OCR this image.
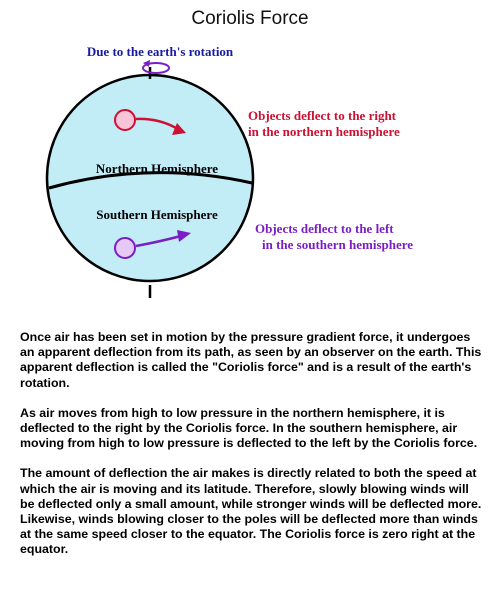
Coriolis Force
Due to the earth's rotation
Objects deflect to the right
in the northern hemisphere
Objects deflect to the left
in the southern hemisphere
Northern Hemisphere
Southern Hemisphere

Once air has been set in motion by the pressure gradient force, it undergoes an apparent deflection from its path, as seen by an observer on the earth. This apparent deflection is called the "Coriolis force" and is a result of the earth's rotation.

As air moves from high to low pressure in the northern hemisphere, it is deflected to the right by the Coriolis force. In the southern hemisphere, air moving from high to low pressure is deflected to the left by the Coriolis force.

The amount of deflection the air makes is directly related to both the speed at which the air is moving and its latitude. Therefore, slowly blowing winds will be deflected only a small amount, while stronger winds will be deflected more. Likewise, winds blowing closer to the poles will be deflected more than winds at the same speed closer to the equator. The Coriolis force is zero right at the equator.
